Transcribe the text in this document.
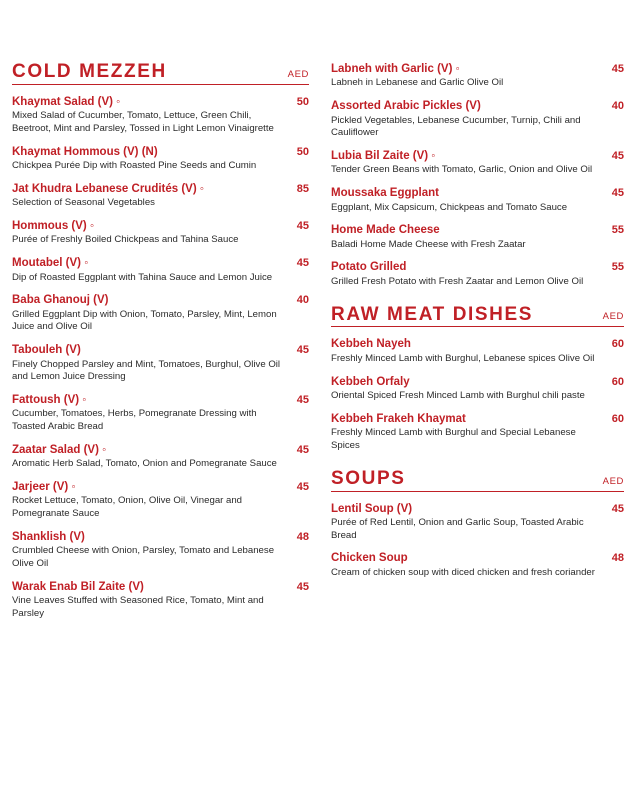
COLD MEZZEH	AED
Khaymat Salad (V) ◦	50
Mixed Salad of Cucumber, Tomato, Lettuce, Green Chili, Beetroot, Mint and Parsley, Tossed in Light Lemon Vinaigrette
Khaymat Hommous (V) (N)	50
Chickpea Purée Dip with Roasted Pine Seeds and Cumin
Jat Khudra Lebanese Crudités (V) ◦	85
Selection of Seasonal Vegetables
Hommous (V) ◦	45
Purée of Freshly Boiled Chickpeas and Tahina Sauce
Moutabel (V) ◦	45
Dip of Roasted Eggplant with Tahina Sauce and Lemon Juice
Baba Ghanouj (V)	40
Grilled Eggplant Dip with Onion, Tomato, Parsley, Mint, Lemon Juice and Olive Oil
Tabouleh (V)	45
Finely Chopped Parsley and Mint, Tomatoes, Burghul, Olive Oil and Lemon Juice Dressing
Fattoush (V) ◦	45
Cucumber, Tomatoes, Herbs, Pomegranate Dressing with Toasted Arabic Bread
Zaatar Salad (V) ◦	45
Aromatic Herb Salad, Tomato, Onion and Pomegranate Sauce
Jarjeer (V) ◦	45
Rocket Lettuce, Tomato, Onion, Olive Oil, Vinegar and Pomegranate Sauce
Shanklish (V)	48
Crumbled Cheese with Onion, Parsley, Tomato and Lebanese Olive Oil
Warak Enab Bil Zaite (V)	45
Vine Leaves Stuffed with Seasoned Rice, Tomato, Mint and Parsley
Labneh with Garlic (V) ◦	45
Labneh in Lebanese and Garlic Olive Oil
Assorted Arabic Pickles (V)	40
Pickled Vegetables, Lebanese Cucumber, Turnip, Chili and Cauliflower
Lubia Bil Zaite (V) ◦	45
Tender Green Beans with Tomato, Garlic, Onion and Olive Oil
Moussaka Eggplant	45
Eggplant, Mix Capsicum, Chickpeas and Tomato Sauce
Home Made Cheese	55
Baladi Home Made Cheese with Fresh Zaatar
Potato Grilled	55
Grilled Fresh Potato with Fresh Zaatar and Lemon Olive Oil
RAW MEAT DISHES	AED
Kebbeh Nayeh	60
Freshly Minced Lamb with Burghul, Lebanese spices Olive Oil
Kebbeh Orfaly	60
Oriental Spiced Fresh Minced Lamb with Burghul chili paste
Kebbeh Frakeh Khaymat	60
Freshly Minced Lamb with Burghul and Special Lebanese Spices
SOUPS	AED
Lentil Soup (V)	45
Purée of Red Lentil, Onion and Garlic Soup, Toasted Arabic Bread
Chicken Soup	48
Cream of chicken soup with diced chicken and fresh coriander
